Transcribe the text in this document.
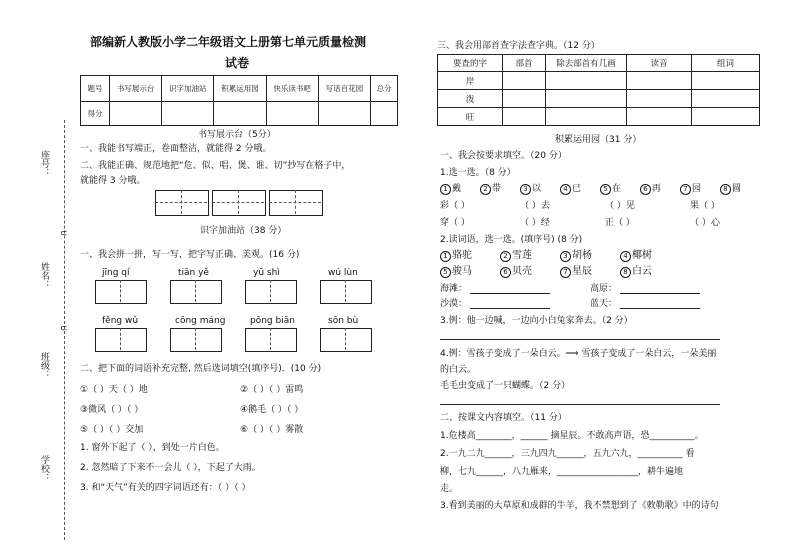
座号：
姓名：
班级：
学校：
⊂
⊂
部编新人教版小学二年级语文上册第七单元质量检测
试卷
题号	书写展示台	识字加油站	积累运用园	快乐读书吧	写话百花园	总分
得分						
书写展示台（5分）
一、我能书写端正，卷面整洁，就能得 2 分哦。
二、我能正确、规范地把“危、似、唱、煲、谁、切”抄写在格子中，
就能得 3 分哦。
识字加油站（38 分）
一、我会拼一拼，写一写，把字写正确、美观。(16 分)
jīng qí	tiān yě	yū shì	wú lùn
fěng wǔ	cōng máng	pōng biān	sōn bù
二、把下面的词语补充完整, 然后选词填空(填序号)．(10 分)
①（ ）天（ ）地	②（ ）（ ）雷鸣
③微风（ ）（ ）	④鹅毛（ ）（ ）
⑤（ ）（ ）交加	⑥（ ）（ ）雾散
1. 窗外下起了（ ），到处一片白色。
2. 忽然暗了下来不一会儿（ ），下起了大雨。
3. 和“天气”有关的四字词语还有：（ ）（ ）
三、我会用部首查字法查字典。（12 分）
要查的字	部首	除去部首有几画	读音	组词
岸				
泼				
旺				
积累运用园（31 分）
一、我会按要求填空。（20 分）
1.选一选。（8 分）
1 戴	2 带	3 以	4 已	5 在	6 再	7 园	8 圆
彩（ ）	（ ）去	（ ）见	果（ ）
穿（ ）	（ ）经	正（ ）	（ ）心
2.读词语，选一选。(填序号) (8 分)
1 骆驼	2 雪莲	3 胡杨	4 椰树
5 骏马	6 贝壳	7 星辰	8 白云
海滩：	高原：
沙漠：	蓝天：
3.例：他一边喊，一边向小白兔家奔去。（2 分）
4.例：雪孩子变成了一朵白云。⟹ 雪孩子变成了一朵白云，一朵美丽
的白云。
毛毛虫变成了一只蝴蝶。（2 分）
二、按课文内容填空。（11 分）
1.危楼高________，______ 摘星辰。不敢高声语，恐__________。
2.一九二九______，三九四九______，五九六九，__________ 看
柳，七九______，八九雁来，__________________，耕牛遍地
走。
3.看到美丽的大草原和成群的牛羊，我不禁想到了《敕勒歌》中的诗句
